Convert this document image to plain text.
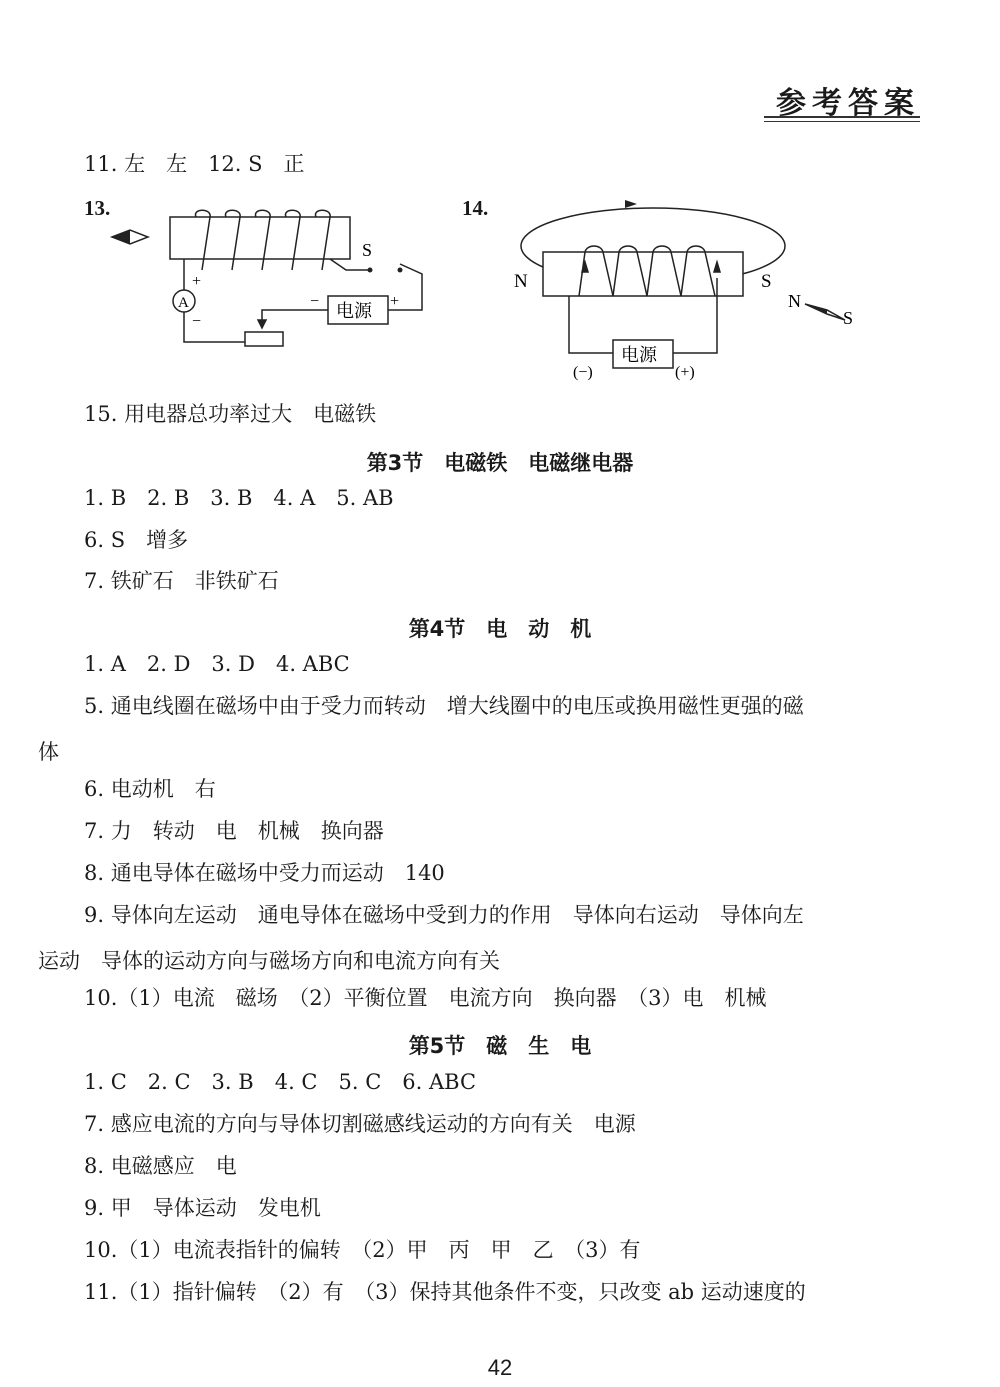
参考答案
11. 左　左　12. S　正
13.	14.
S
A
+
−
电源
−	+
N	S
N
S
电源
(−)	(+)
15. 用电器总功率过大　电磁铁
第3节　电磁铁　电磁继电器
1. B　2. B　3. B　4. A　5. AB
6. S　增多
7. 铁矿石　非铁矿石
第4节　电　动　机
1. A　2. D　3. D　4. ABC
5. 通电线圈在磁场中由于受力而转动　增大线圈中的电压或换用磁性更强的磁
体
6. 电动机　右
7. 力　转动　电　机械　换向器
8. 通电导体在磁场中受力而运动　140
9. 导体向左运动　通电导体在磁场中受到力的作用　导体向右运动　导体向左
运动　导体的运动方向与磁场方向和电流方向有关
10.（1）电流　磁场　（2）平衡位置　电流方向　换向器　（3）电　机械
第5节　磁　生　电
1. C　2. C　3. B　4. C　5. C　6. ABC
7. 感应电流的方向与导体切割磁感线运动的方向有关　电源
8. 电磁感应　电
9. 甲　导体运动　发电机
10.（1）电流表指针的偏转　（2）甲　丙　甲　乙　（3）有
11.（1）指针偏转　（2）有　（3）保持其他条件不变，只改变 ab 运动速度的
42
